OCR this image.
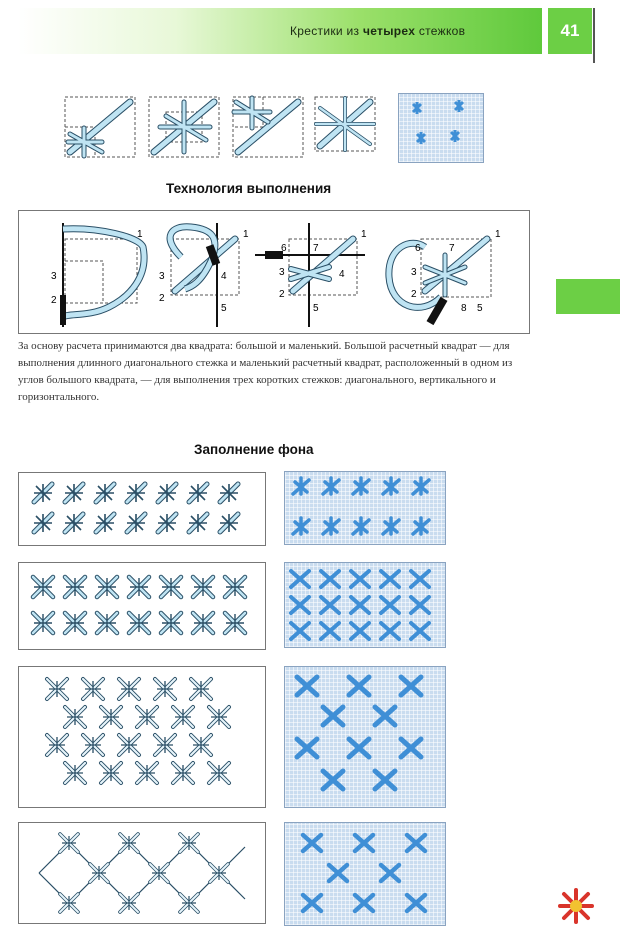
Крестики из четырех стежков	41
Технология выполнения
1
3
2
1
3
2
4
5
1
6	7
3
2
4
5
1
6	7
3
2
8 5

За основу расчета принимаются два квадрата: большой и маленький. Большой расчетный квадрат — для выполнения длинного диагонального стежка и маленький расчетный квадрат, расположенный в одном из углов большого квадрата, — для выполнения трех коротких стежков: диагонального, вертикального и горизонтального.

Заполнение фона
